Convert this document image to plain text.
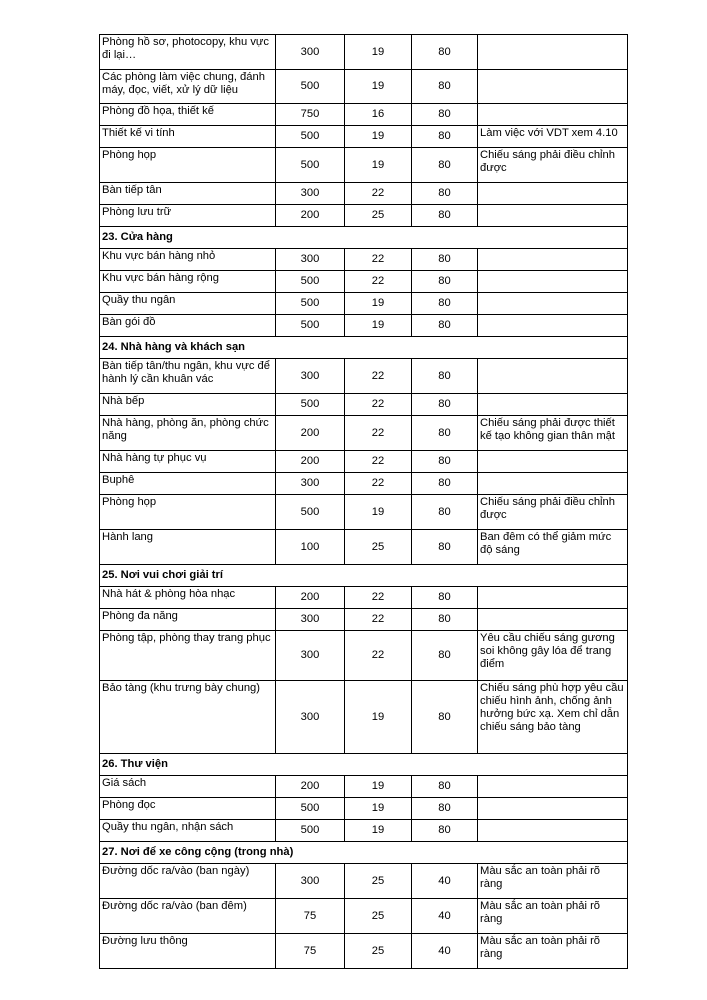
Phòng hồ sơ, photocopy, khu vực đi lại…	300	19	80	
Các phòng làm việc chung, đánh máy, đọc, viết, xử lý dữ liệu	500	19	80	
Phòng đồ họa, thiết kế	750	16	80	
Thiết kế vi tính	500	19	80	Làm việc với VDT xem 4.10
Phòng họp	500	19	80	Chiếu sáng phải điều chỉnh được
Bàn tiếp tân	300	22	80	
Phòng lưu trữ	200	25	80	
23. Cửa hàng				
Khu vực bán hàng nhỏ	300	22	80	
Khu vực bán hàng rộng	500	22	80	
Quầy thu ngân	500	19	80	
Bàn gói đồ	500	19	80	
24. Nhà hàng và khách sạn				
Bàn tiếp tân/thu ngân, khu vực để hành lý cần khuân vác	300	22	80	
Nhà bếp	500	22	80	
Nhà hàng, phòng ăn, phòng chức năng	200	22	80	Chiếu sáng phải được thiết kế tạo không gian thân mật
Nhà hàng tự phục vụ	200	22	80	
Buphê	300	22	80	
Phòng họp	500	19	80	Chiếu sáng phải điều chỉnh được
Hành lang	100	25	80	Ban đêm có thể giảm mức độ sáng
25. Nơi vui chơi giải trí				
Nhà hát & phòng hòa nhạc	200	22	80	
Phòng đa năng	300	22	80	
Phòng tập, phòng thay trang phục	300	22	80	Yêu cầu chiếu sáng gương soi không gây lóa để trang điểm
Bảo tàng (khu trưng bày chung)	300	19	80	Chiếu sáng phù hợp yêu cầu chiếu hình ảnh, chống ảnh hưởng bức xạ. Xem chỉ dẫn chiếu sáng bảo tàng
26. Thư viện				
Giá sách	200	19	80	
Phòng đọc	500	19	80	
Quầy thu ngân, nhận sách	500	19	80	
27. Nơi để xe công cộng (trong nhà)				
Đường dốc ra/vào (ban ngày)	300	25	40	Màu sắc an toàn phải rõ ràng
Đường dốc ra/vào (ban đêm)	75	25	40	Màu sắc an toàn phải rõ ràng
Đường lưu thông	75	25	40	Màu sắc an toàn phải rõ ràng
